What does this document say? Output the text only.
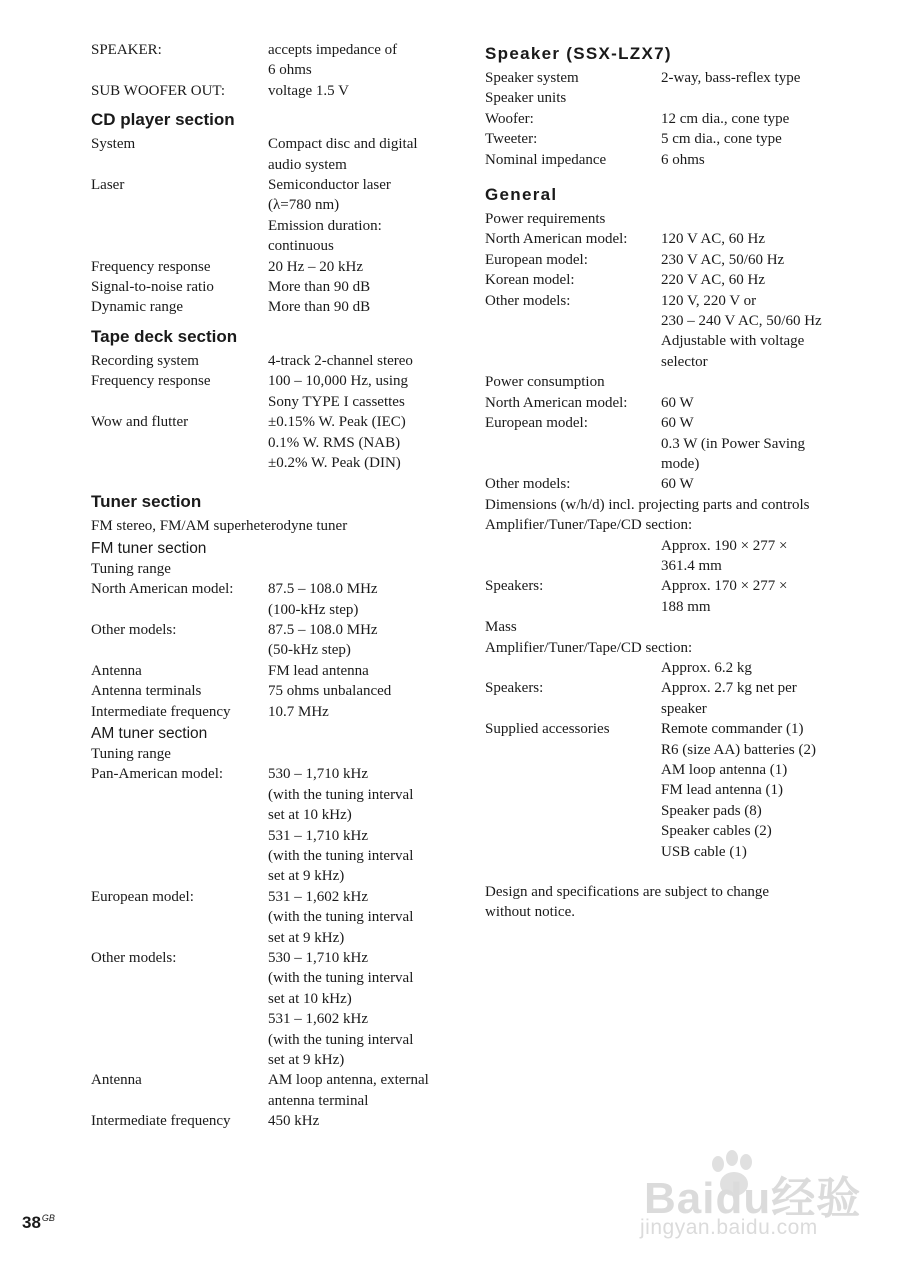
SPEAKER:	accepts impedance of
6 ohms
SUB WOOFER OUT:	voltage 1.5 V
CD player section
System	Compact disc and digital
audio system
Laser	Semiconductor laser
(λ=780 nm)
Emission duration:
continuous
Frequency response	20 Hz – 20 kHz
Signal-to-noise ratio	More than 90 dB
Dynamic range	More than 90 dB
Tape deck section
Recording system	4-track 2-channel stereo
Frequency response	100 – 10,000 Hz, using
Sony TYPE I cassettes
Wow and flutter	±0.15% W. Peak (IEC)
0.1% W. RMS (NAB)
±0.2% W. Peak (DIN)
Tuner section
FM stereo, FM/AM superheterodyne tuner
FM tuner section
Tuning range
North American model:	87.5 – 108.0 MHz
(100-kHz step)
Other models:	87.5 – 108.0 MHz
(50-kHz step)
Antenna	FM lead antenna
Antenna terminals	75 ohms unbalanced
Intermediate frequency	10.7 MHz
AM tuner section
Tuning range
Pan-American model:	530 – 1,710 kHz
(with the tuning interval
set at 10 kHz)
531 – 1,710 kHz
(with the tuning interval
set at 9 kHz)
European model:	531 – 1,602 kHz
(with the tuning interval
set at 9 kHz)
Other models:	530 – 1,710 kHz
(with the tuning interval
set at 10 kHz)
531 – 1,602 kHz
(with the tuning interval
set at 9 kHz)
Antenna	AM loop antenna, external
antenna terminal
Intermediate frequency	450 kHz
Speaker (SSX-LZX7)
Speaker system	2-way, bass-reflex type
Speaker units
Woofer:	12 cm dia., cone type
Tweeter:	5 cm dia., cone type
Nominal impedance	6 ohms
General
Power requirements
North American model:	120 V AC, 60 Hz
European model:	230 V AC, 50/60 Hz
Korean model:	220 V AC, 60 Hz
Other models:	120 V, 220 V or
230 – 240 V AC, 50/60 Hz
Adjustable with voltage
selector
Power consumption
North American model:	60 W
European model:	60 W
0.3 W (in Power Saving
mode)
Other models:	60 W
Dimensions (w/h/d) incl. projecting parts and controls
Amplifier/Tuner/Tape/CD section:
Approx. 190 × 277 ×
361.4 mm
Speakers:	Approx. 170 × 277 ×
188 mm
Mass
Amplifier/Tuner/Tape/CD section:
Approx. 6.2 kg
Speakers:	Approx. 2.7 kg net per
speaker
Supplied accessories	Remote commander (1)
R6 (size AA) batteries (2)
AM loop antenna (1)
FM lead antenna (1)
Speaker pads (8)
Speaker cables (2)
USB cable (1)
Design and specifications are subject to change
without notice.
$38^{GB}$	Baidu经验
jingyan.baidu.com
